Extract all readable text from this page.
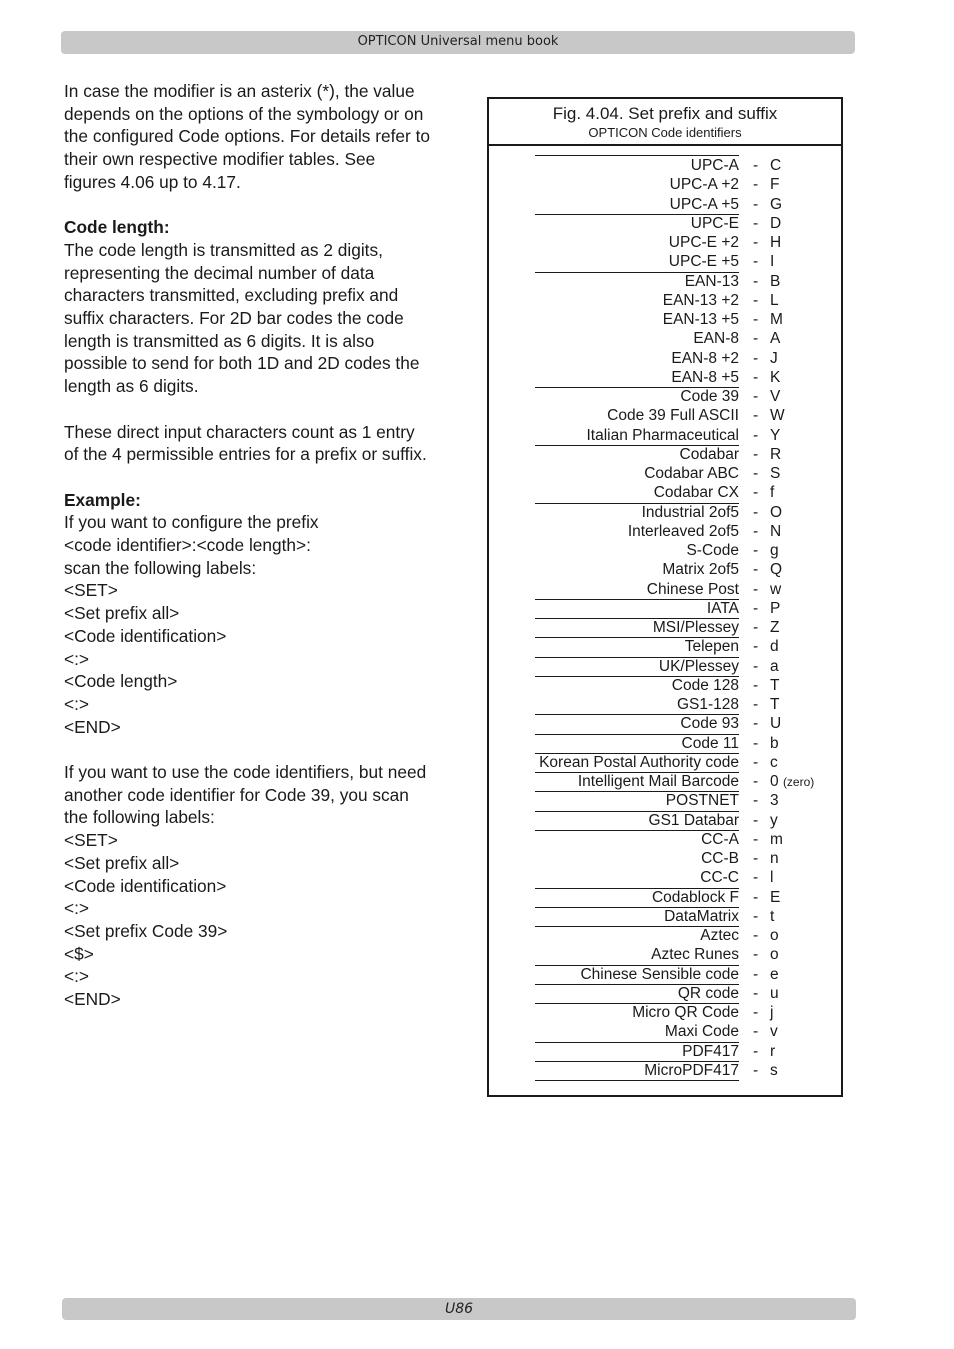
OPTICON Universal menu book

In case the modifier is an asterix (*), the value
depends on the options of the symbology or on
the configured Code options. For details refer to
their own respective modifier tables. See
figures 4.06 up to 4.17.

Code length:

The code length is transmitted as 2 digits,
representing the decimal number of data
characters transmitted, excluding prefix and
suffix characters. For 2D bar codes the code
length is transmitted as 6 digits. It is also
possible to send for both 1D and 2D codes the
length as 6 digits.

These direct input characters count as 1 entry
of the 4 permissible entries for a prefix or suffix.

Example:

If you want to configure the prefix
<code identifier>:<code length>:
scan the following labels:
<SET>
<Set prefix all>
<Code identification>
<:>
<Code length>
<:>
<END>

If you want to use the code identifiers, but need
another code identifier for Code 39, you scan
the following labels:
<SET>
<Set prefix all>
<Code identification>
<:>
<Set prefix Code 39>
<$>
<:>
<END>

Fig. 4.04. Set prefix and suffix
OPTICON Code identifiers
UPC-A - C
UPC-A +2 - F
UPC-A +5 - G
UPC-E - D
UPC-E +2 - H
UPC-E +5 - I
EAN-13 - B
EAN-13 +2 - L
EAN-13 +5 - M
EAN-8 - A
EAN-8 +2 - J
EAN-8 +5 - K
Code 39 - V
Code 39 Full ASCII - W
Italian Pharmaceutical - Y
Codabar - R
Codabar ABC - S
Codabar CX - f
Industrial 2of5 - O
Interleaved 2of5 - N
S-Code - g
Matrix 2of5 - Q
Chinese Post - w
IATA - P
MSI/Plessey - Z
Telepen - d
UK/Plessey - a
Code 128 - T
GS1-128 - T
Code 93 - U
Code 11 - b
Korean Postal Authority code - c
Intelligent Mail Barcode - 0 (zero)
POSTNET - 3
GS1 Databar - y
CC-A - m
CC-B - n
CC-C - l
Codablock F - E
DataMatrix - t
Aztec - o
Aztec Runes - o
Chinese Sensible code - e
QR code - u
Micro QR Code - j
Maxi Code - v
PDF417 - r
MicroPDF417 - s
U86
